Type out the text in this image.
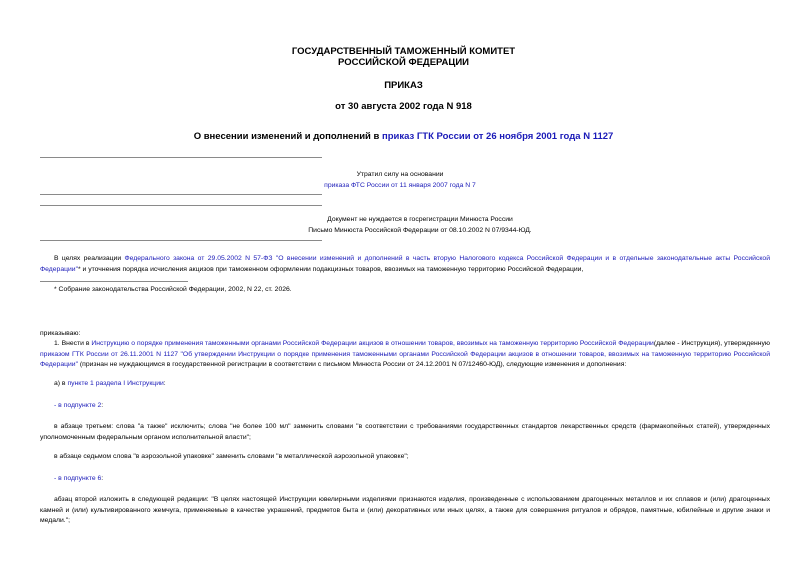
ГОСУДАРСТВЕННЫЙ ТАМОЖЕННЫЙ КОМИТЕТ
РОССИЙСКОЙ ФЕДЕРАЦИИ
ПРИКАЗ
от 30 августа 2002 года N 918
О внесении изменений и дополнений в приказ ГТК России от 26 ноября 2001 года N 1127
Утратил силу на основании
приказа ФТС России от 11 января 2007 года N 7
Документ не нуждается в госрегистрации Минюста России
Письмо Минюста Российской Федерации от 08.10.2002 N 07/9344-ЮД.
В целях реализации Федерального закона от 29.05.2002 N 57-ФЗ "О внесении изменений и дополнений в часть вторую Налогового кодекса Российской Федерации и в отдельные законодательные акты Российской Федерации"* и уточнения порядка исчисления акцизов при таможенном оформлении подакцизных товаров, ввозимых на таможенную территорию Российской Федерации,
* Собрание законодательства Российской Федерации, 2002, N 22, ст. 2026.
приказываю:
1. Внести в Инструкцию о порядке применения таможенными органами Российской Федерации акцизов в отношении товаров, ввозимых на таможенную территорию Российской Федерации(далее - Инструкция), утвержденную приказом ГТК России от 26.11.2001 N 1127 "Об утверждении Инструкции о порядке применения таможенными органами Российской Федерации акцизов в отношении товаров, ввозимых на таможенную территорию Российской Федерации" (признан не нуждающимся в государственной регистрации в соответствии с письмом Минюста России от 24.12.2001 N 07/12460-ЮД), следующие изменения и дополнения:
а) в пункте 1 раздела I Инструкции:
- в подпункте 2:
в абзаце третьем: слова "а также" исключить; слова "не более 100 мл" заменить словами "в соответствии с требованиями государственных стандартов лекарственных средств (фармакопейных статей), утвержденных уполномоченным федеральным органом исполнительной власти";
в абзаце седьмом слова "в аэрозольной упаковке" заменить словами "в металлической аэрозольной упаковке";
- в подпункте 6:
абзац второй изложить в следующей редакции: "В целях настоящей Инструкции ювелирными изделиями признаются изделия, произведенные с использованием драгоценных металлов и их сплавов и (или) драгоценных камней и (или) культивированного жемчуга, применяемые в качестве украшений, предметов быта и (или) декоративных или иных целях, а также для совершения ритуалов и обрядов, памятные, юбилейные и другие знаки и медали.";
